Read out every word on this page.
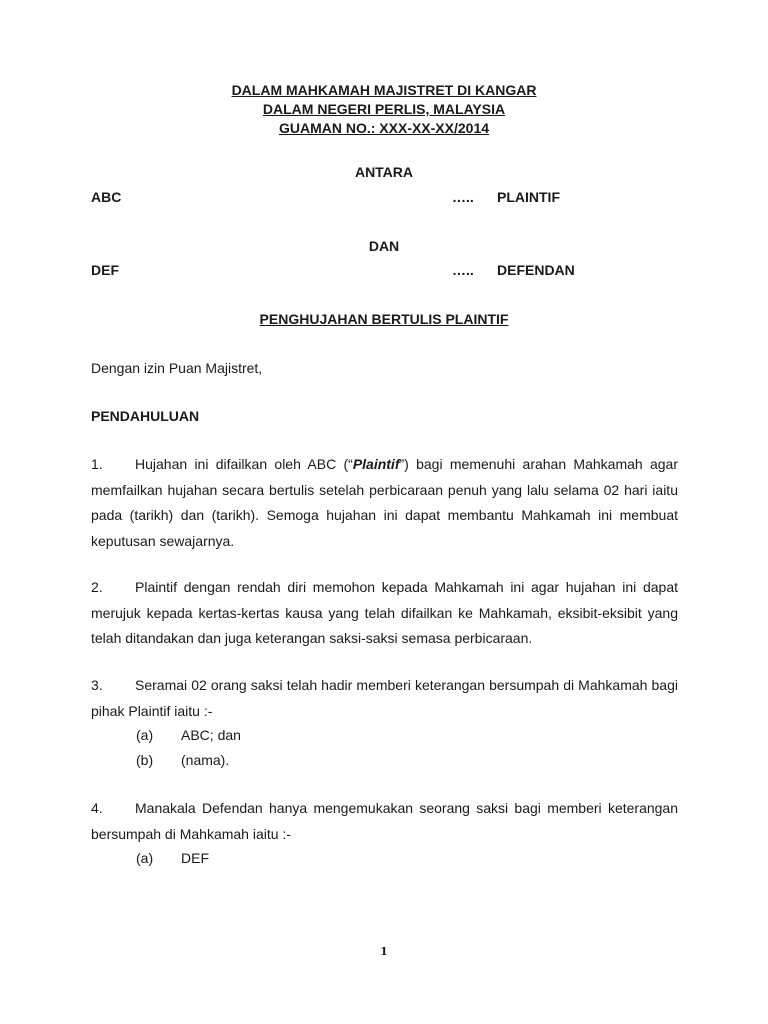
DALAM MAHKAMAH MAJISTRET DI KANGAR
DALAM NEGERI PERLIS, MALAYSIA
GUAMAN NO.: XXX-XX-XX/2014
ANTARA
ABC	….. PLAINTIF
DAN
DEF	….. DEFENDAN
PENGHUJAHAN BERTULIS PLAINTIF
Dengan izin Puan Majistret,
PENDAHULUAN
1. Hujahan ini difailkan oleh ABC (“Plaintif”) bagi memenuhi arahan Mahkamah agar memfailkan hujahan secara bertulis setelah perbicaraan penuh yang lalu selama 02 hari iaitu pada (tarikh) dan (tarikh). Semoga hujahan ini dapat membantu Mahkamah ini membuat keputusan sewajarnya.
2. Plaintif dengan rendah diri memohon kepada Mahkamah ini agar hujahan ini dapat merujuk kepada kertas-kertas kausa yang telah difailkan ke Mahkamah, eksibit-eksibit yang telah ditandakan dan juga keterangan saksi-saksi semasa perbicaraan.
3. Seramai 02 orang saksi telah hadir memberi keterangan bersumpah di Mahkamah bagi pihak Plaintif iaitu :-
(a) ABC; dan
(b) (nama).
4. Manakala Defendan hanya mengemukakan seorang saksi bagi memberi keterangan bersumpah di Mahkamah iaitu :-
(a) DEF
1
